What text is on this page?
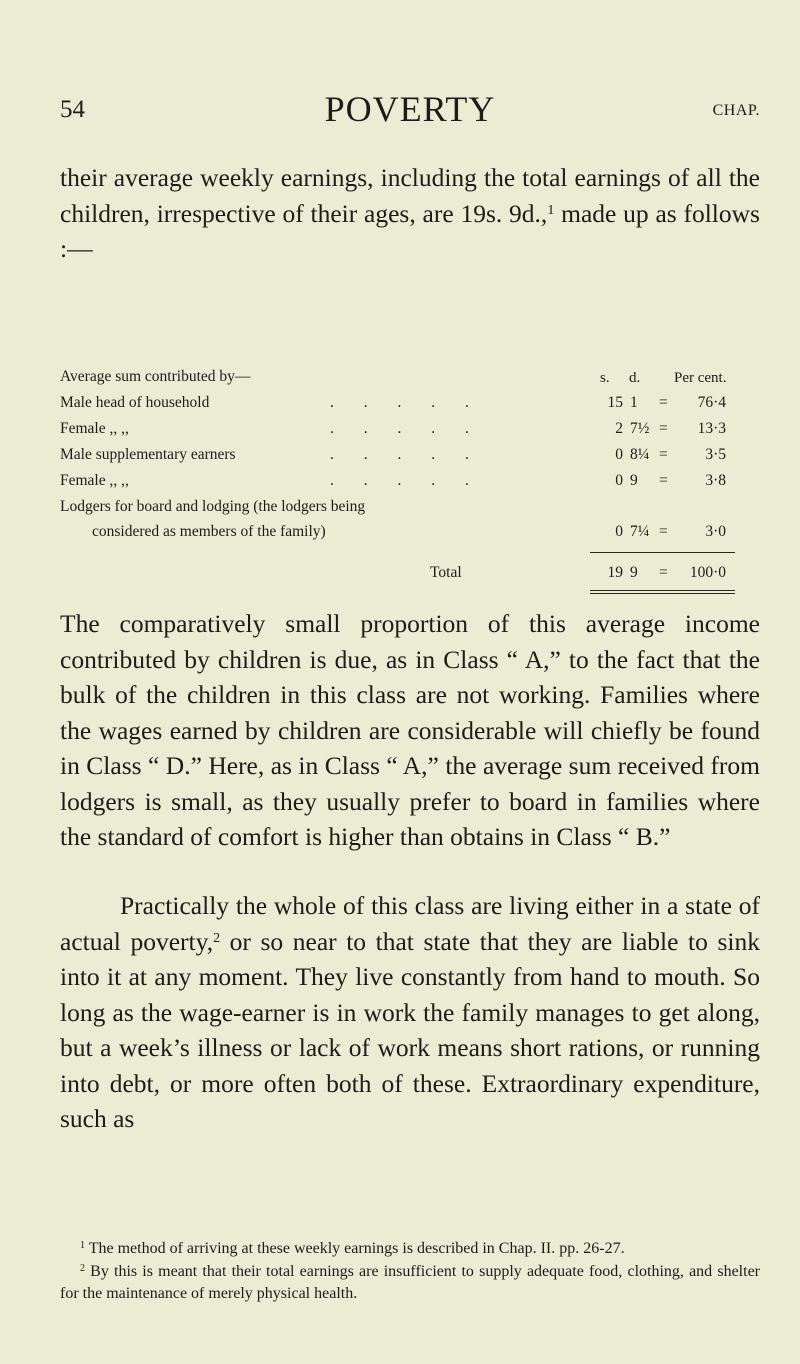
54	POVERTY	CHAP.

their average weekly earnings, including the total earnings of all the children, irrespective of their ages, are 19s. 9d.,$^1$ made up as follows :—

Average sum contributed by—	s. d. Per cent.
Male head of household	. . . . .	15 1	=	76·4
Female ,, ,,	. . . . .	2 7½ =	13·3
Male supplementary earners	. . . . .	0 8¼ =	3·5
Female ,, ,,	. . . . .	0 9	=	3·8
Lodgers for board and lodging (the lodgers being
considered as members of the family)	0 7¼ =	3·0
Total	19 9	=	100·0

The comparatively small proportion of this average income contributed by children is due, as in Class “ A,” to the fact that the bulk of the children in this class are not working. Families where the wages earned by children are considerable will chiefly be found in Class “ D.” Here, as in Class “ A,” the average sum received from lodgers is small, as they usually prefer to board in families where the standard of comfort is higher than obtains in Class “ B.”

Practically the whole of this class are living either in a state of actual poverty,$^2$ or so near to that state that they are liable to sink into it at any moment. They live constantly from hand to mouth. So long as the wage-earner is in work the family manages to get along, but a week’s illness or lack of work means short rations, or running into debt, or more often both of these. Extraordinary expenditure, such as

$^1$ The method of arriving at these weekly earnings is described in Chap. II. pp. 26-27.

$^2$ By this is meant that their total earnings are insufficient to supply adequate food, clothing, and shelter for the maintenance of merely physical health.
